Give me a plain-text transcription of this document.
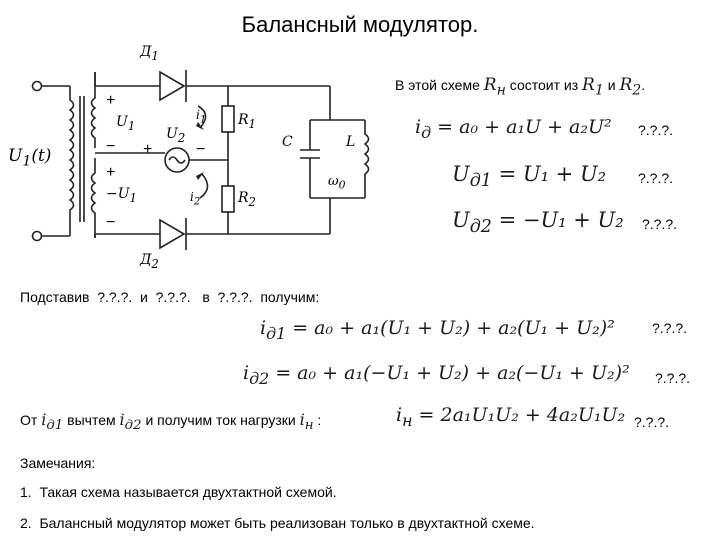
Балансный модулятор.
$Д_1$
$Д_2$
$U_1(t)$
+
$U_1$
− +
$U_2$
−
+
$-U_1$
−
$i_1$
$i_2$
$R_1$
$R_2$
C	L
$\omega_0$
В этой схеме $R_н$ состоит из $R_1$ и $R_2$.
$i_д = a_0 + a_1U + a_2U^2$ ?.?.?.
$U_{д1} = U_1 + U_2$ ?.?.?.
$U_{д2} = -U_1 + U_2$ ?.?.?.
Подставив  ?.?.?.  и  ?.?.?.   в  ?.?.?.  получим:
$i_{д1} = a_0 + a_1(U_1 + U_2) + a_2(U_1 + U_2)^2$	?.?.?.
$i_{д2} = a_0 + a_1(-U_1 + U_2) + a_2(-U_1 + U_2)^2$ ?.?.?.
От $i_{д1}$ вычтем $i_{д2}$ и получим ток нагрузки $i_н$ :	$i_н = 2a_1U_1U_2 + 4a_2U_1U_2$ ?.?.?.
Замечания:
1.  Такая схема называется двухтактной схемой.
2.  Балансный модулятор может быть реализован только в двухтактной схеме.
